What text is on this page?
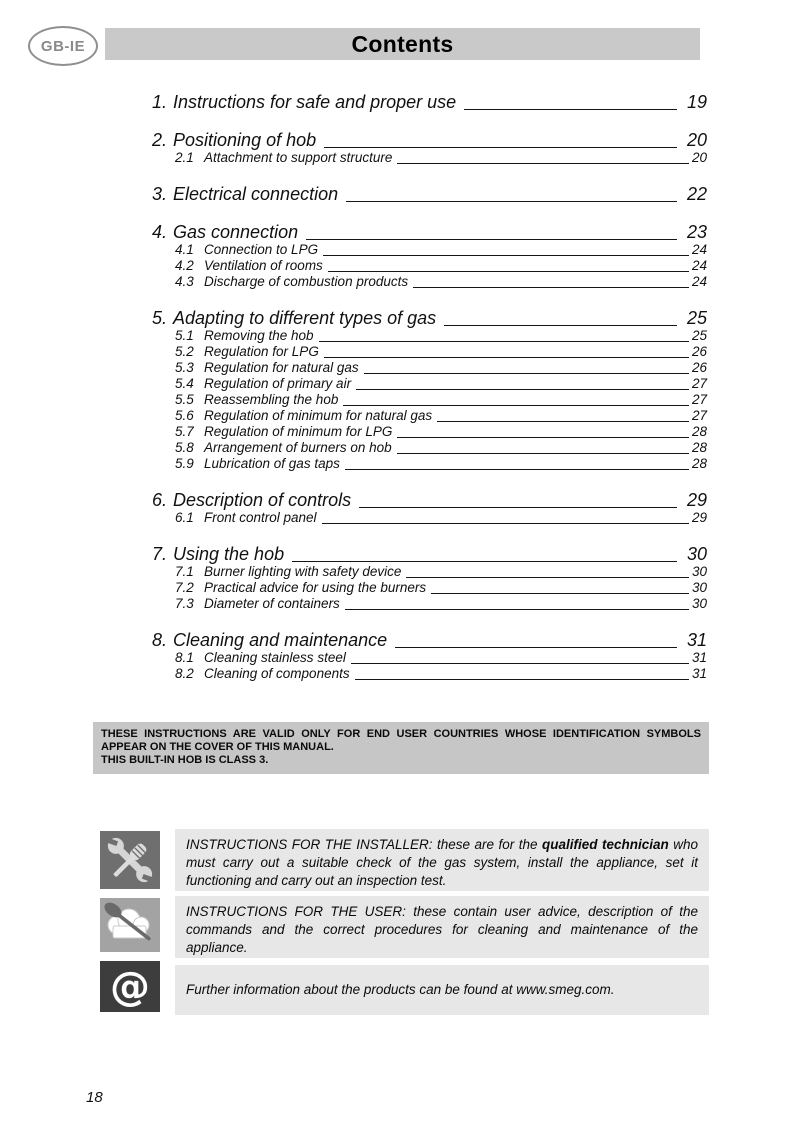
GB-IE	Contents
1. Instructions for safe and proper use	19
2. Positioning of hob	20
2.1 Attachment to support structure	20
3. Electrical connection	22
4. Gas connection	23
4.1 Connection to LPG	24
4.2 Ventilation of rooms	24
4.3 Discharge of combustion products	24
5. Adapting to different types of gas	25
5.1 Removing the hob	25
5.2 Regulation for LPG	26
5.3 Regulation for natural gas	26
5.4 Regulation of primary air	27
5.5 Reassembling the hob	27
5.6 Regulation of minimum for natural gas	27
5.7 Regulation of minimum for LPG	28
5.8 Arrangement of burners on hob	28
5.9 Lubrication of gas taps	28
6. Description of controls	29
6.1 Front control panel	29
7. Using the hob	30
7.1 Burner lighting with safety device	30
7.2 Practical advice for using the burners	30
7.3 Diameter of containers	30
8. Cleaning and maintenance	31
8.1 Cleaning stainless steel	31
8.2 Cleaning of components	31
THESE INSTRUCTIONS ARE VALID ONLY FOR END USER COUNTRIES WHOSE IDENTIFICATION SYMBOLS APPEAR ON THE COVER OF THIS MANUAL.
THIS BUILT-IN HOB IS CLASS 3.
INSTRUCTIONS FOR THE INSTALLER: these are for the qualified technician who must carry out a suitable check of the gas system, install the appliance, set it functioning and carry out an inspection test.
INSTRUCTIONS FOR THE USER: these contain user advice, description of the commands and the correct procedures for cleaning and maintenance of the appliance.
@	Further information about the products can be found at www.smeg.com.
18
